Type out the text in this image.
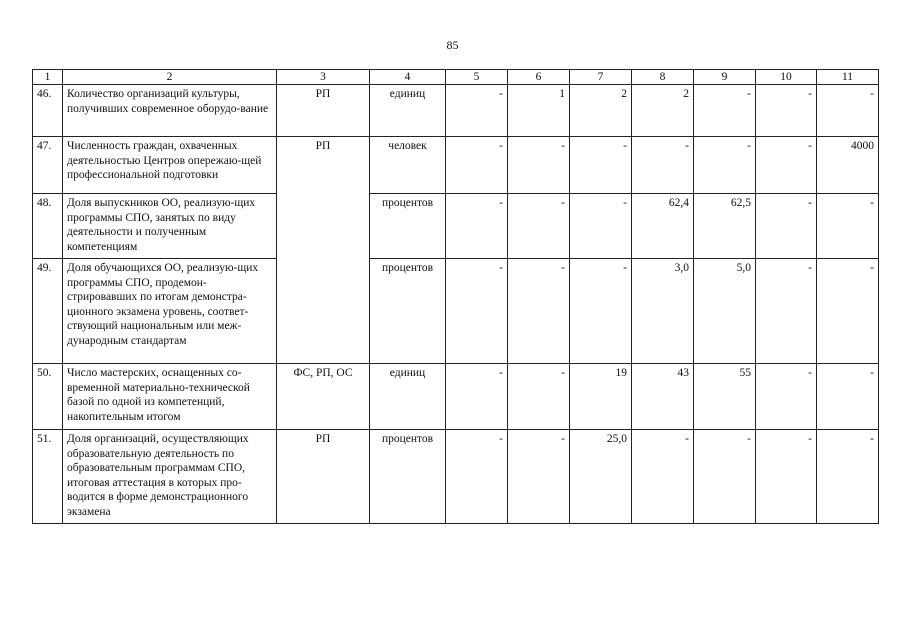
85
1	2	3	4	5	6	7	8	9	10	11
46.	Количество организаций культуры, получивших современное оборудо-вание	РП	единиц	-	1	2	2	-	-	-
47.	Численность граждан, охваченных деятельностью Центров опережаю-щей профессиональной подготовки	РП	человек	-	-	-	-	-	-	4000
48.	Доля выпускников ОО, реализую-щих программы СПО, занятых по виду деятельности и полученным компетенциям		процентов	-	-	-	62,4	62,5	-	-
49.	Доля обучающихся ОО, реализую-щих программы СПО, продемон-стрировавших по итогам демонстра-ционного экзамена уровень, соответ-ствующий национальным или меж-дународным стандартам		процентов	-	-	-	3,0	5,0	-	-
50.	Число мастерских, оснащенных со-временной материально-технической базой по одной из компетенций, накопительным итогом	ФС, РП, ОС	единиц	-	-	19	43	55	-	-
51.	Доля организаций, осуществляющих образовательную деятельность по образовательным программам СПО, итоговая аттестация в которых про-водится в форме демонстрационного экзамена	РП	процентов	-	-	25,0	-	-	-	-
